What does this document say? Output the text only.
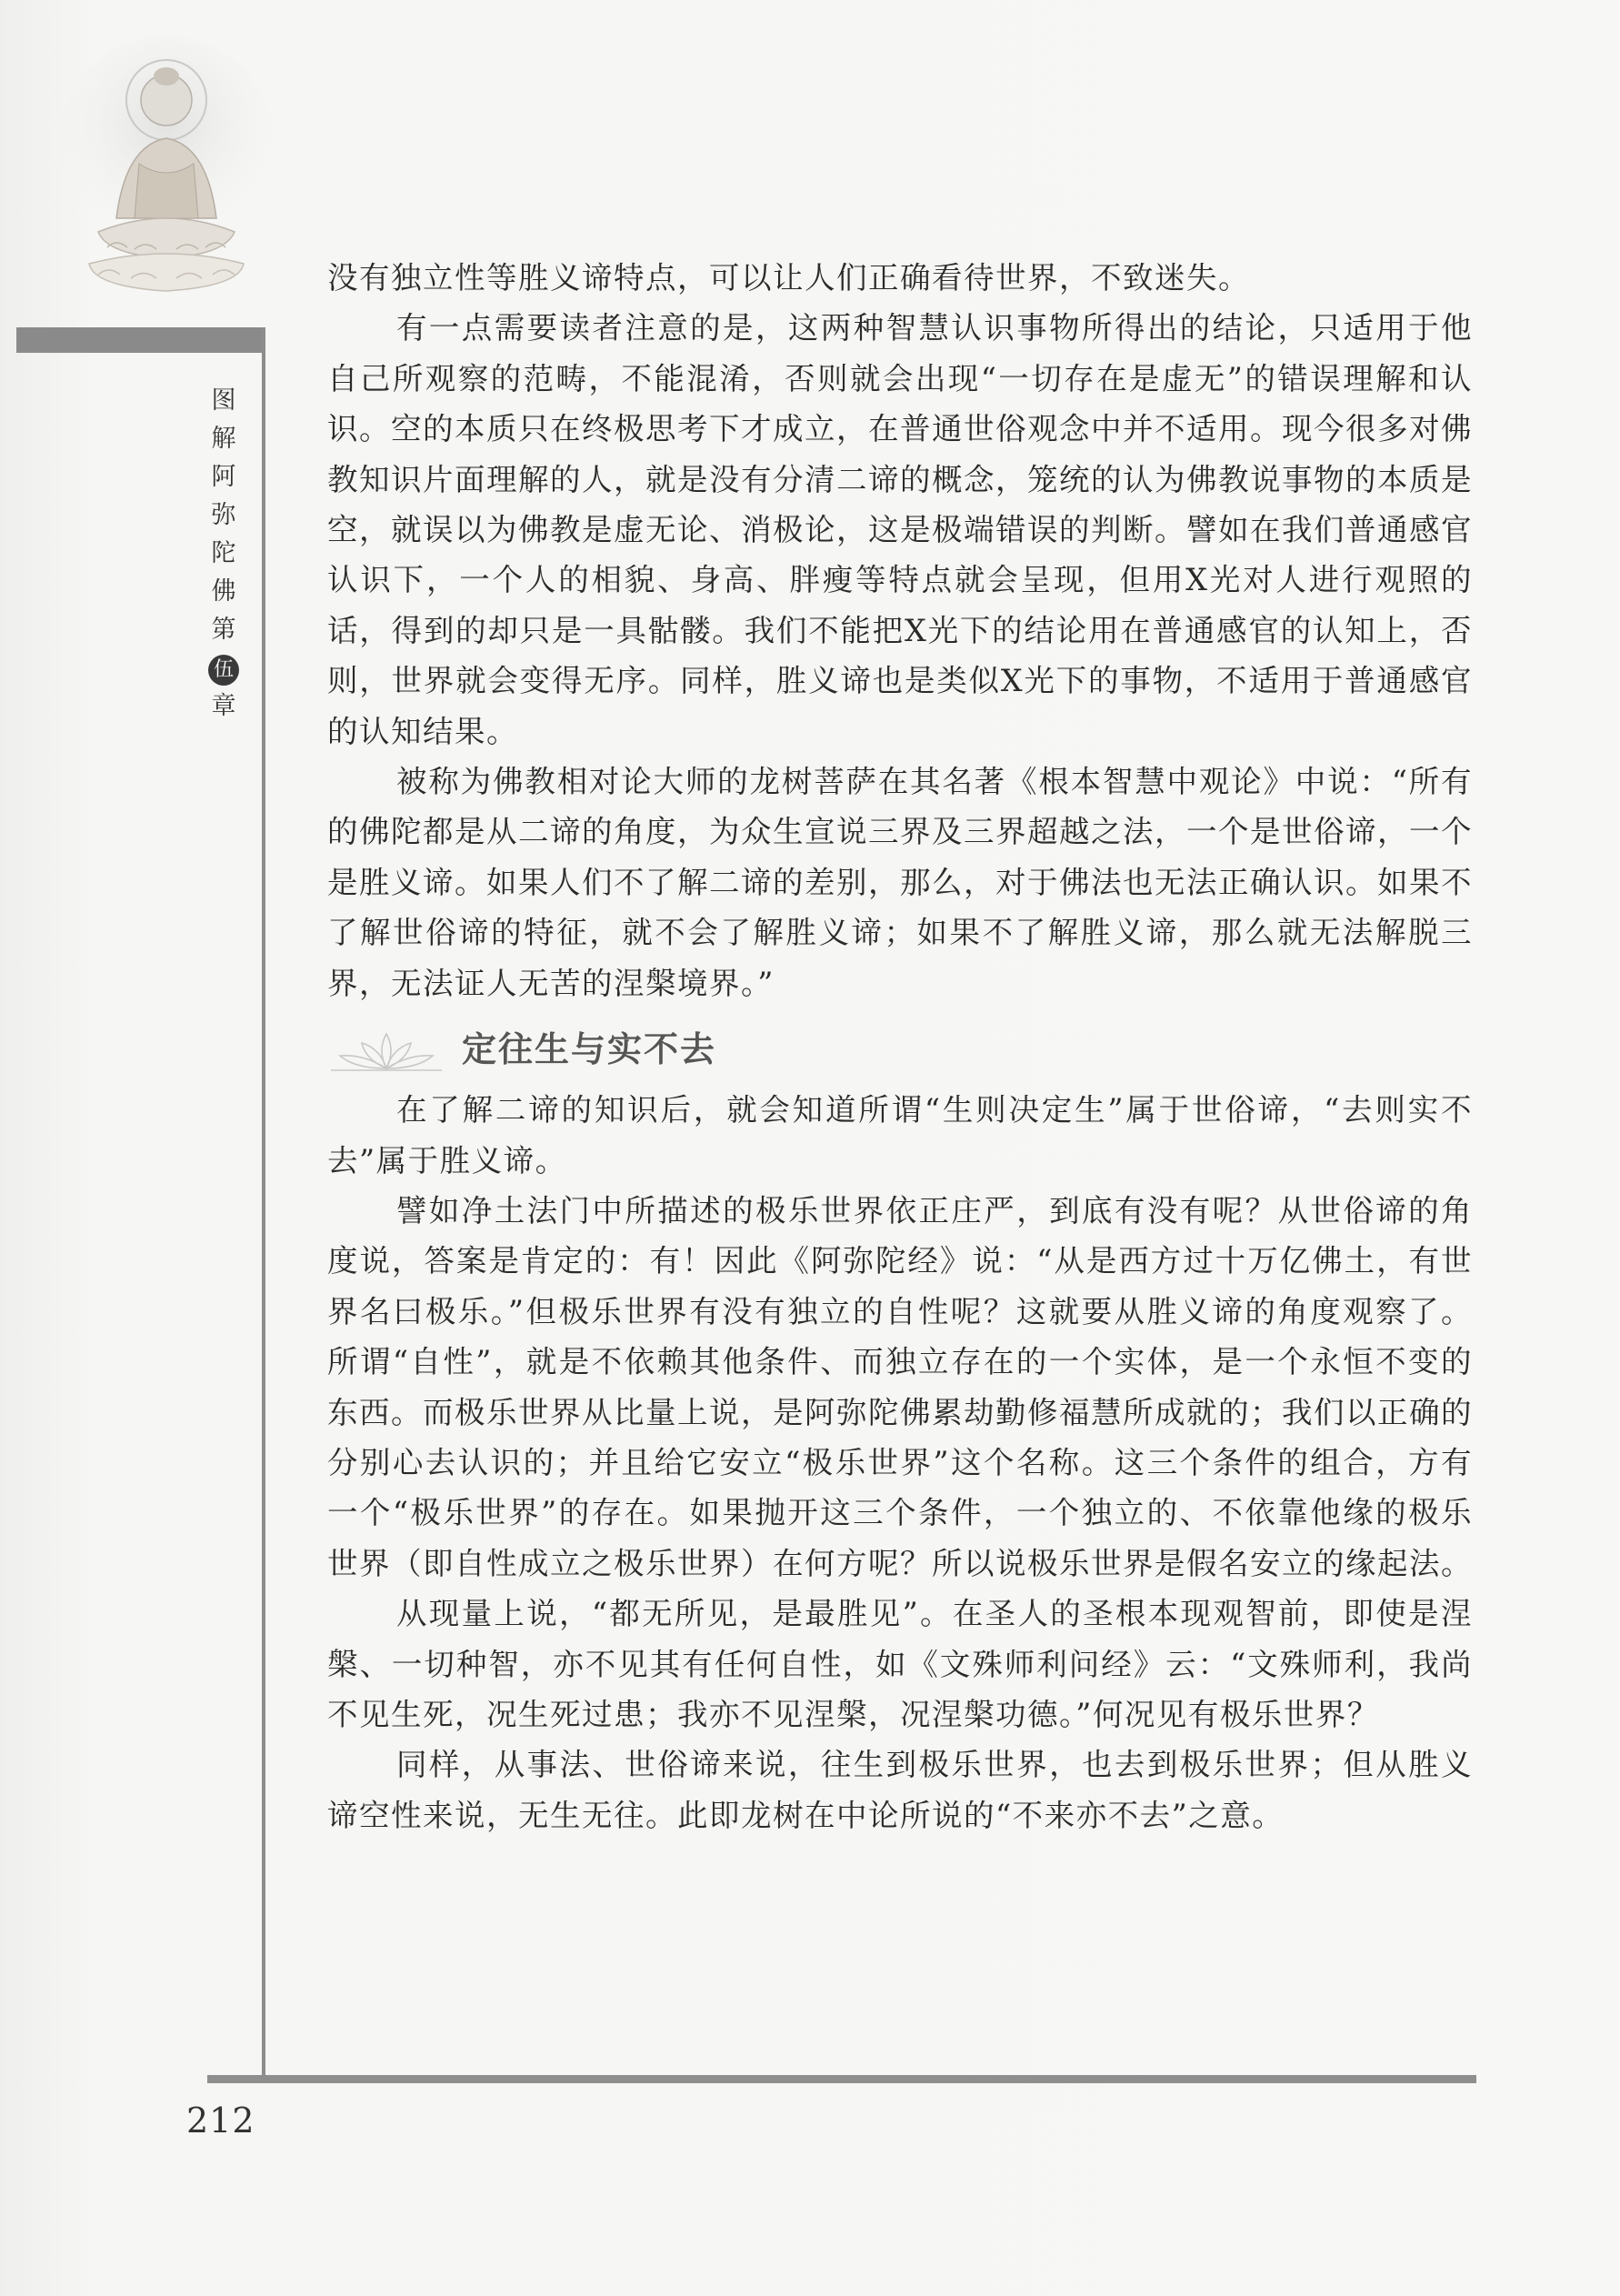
图
解
阿
弥
陀
佛
第
伍
章

没有独立性等胜义谛特点，可以让人们正确看待世界，不致迷失。

有一点需要读者注意的是，这两种智慧认识事物所得出的结论，只适用于他自己所观察的范畴，不能混淆，否则就会出现“一切存在是虚无”的错误理解和认识。空的本质只在终极思考下才成立，在普通世俗观念中并不适用。现今很多对佛教知识片面理解的人，就是没有分清二谛的概念，笼统的认为佛教说事物的本质是空，就误以为佛教是虚无论、消极论，这是极端错误的判断。譬如在我们普通感官认识下，一个人的相貌、身高、胖瘦等特点就会呈现，但用X光对人进行观照的话，得到的却只是一具骷髅。我们不能把X光下的结论用在普通感官的认知上，否则，世界就会变得无序。同样，胜义谛也是类似X光下的事物，不适用于普通感官的认知结果。

被称为佛教相对论大师的龙树菩萨在其名著《根本智慧中观论》中说：“所有的佛陀都是从二谛的角度，为众生宣说三界及三界超越之法，一个是世俗谛，一个是胜义谛。如果人们不了解二谛的差别，那么，对于佛法也无法正确认识。如果不了解世俗谛的特征，就不会了解胜义谛；如果不了解胜义谛，那么就无法解脱三界，无法证人无苦的涅槃境界。”

定往生与实不去

在了解二谛的知识后，就会知道所谓“生则决定生”属于世俗谛，“去则实不去”属于胜义谛。

譬如净土法门中所描述的极乐世界依正庄严，到底有没有呢？从世俗谛的角度说，答案是肯定的：有！因此《阿弥陀经》说：“从是西方过十万亿佛土，有世界名曰极乐。”但极乐世界有没有独立的自性呢？这就要从胜义谛的角度观察了。所谓“自性”，就是不依赖其他条件、而独立存在的一个实体，是一个永恒不变的东西。而极乐世界从比量上说，是阿弥陀佛累劫勤修福慧所成就的；我们以正确的分别心去认识的；并且给它安立“极乐世界”这个名称。这三个条件的组合，方有一个“极乐世界”的存在。如果抛开这三个条件，一个独立的、不依靠他缘的极乐世界（即自性成立之极乐世界）在何方呢？所以说极乐世界是假名安立的缘起法。

从现量上说，“都无所见，是最胜见”。在圣人的圣根本现观智前，即使是涅槃、一切种智，亦不见其有任何自性，如《文殊师利问经》云：“文殊师利，我尚不见生死，况生死过患；我亦不见涅槃，况涅槃功德。”何况见有极乐世界？

同样，从事法、世俗谛来说，往生到极乐世界，也去到极乐世界；但从胜义谛空性来说，无生无往。此即龙树在中论所说的“不来亦不去”之意。

212
